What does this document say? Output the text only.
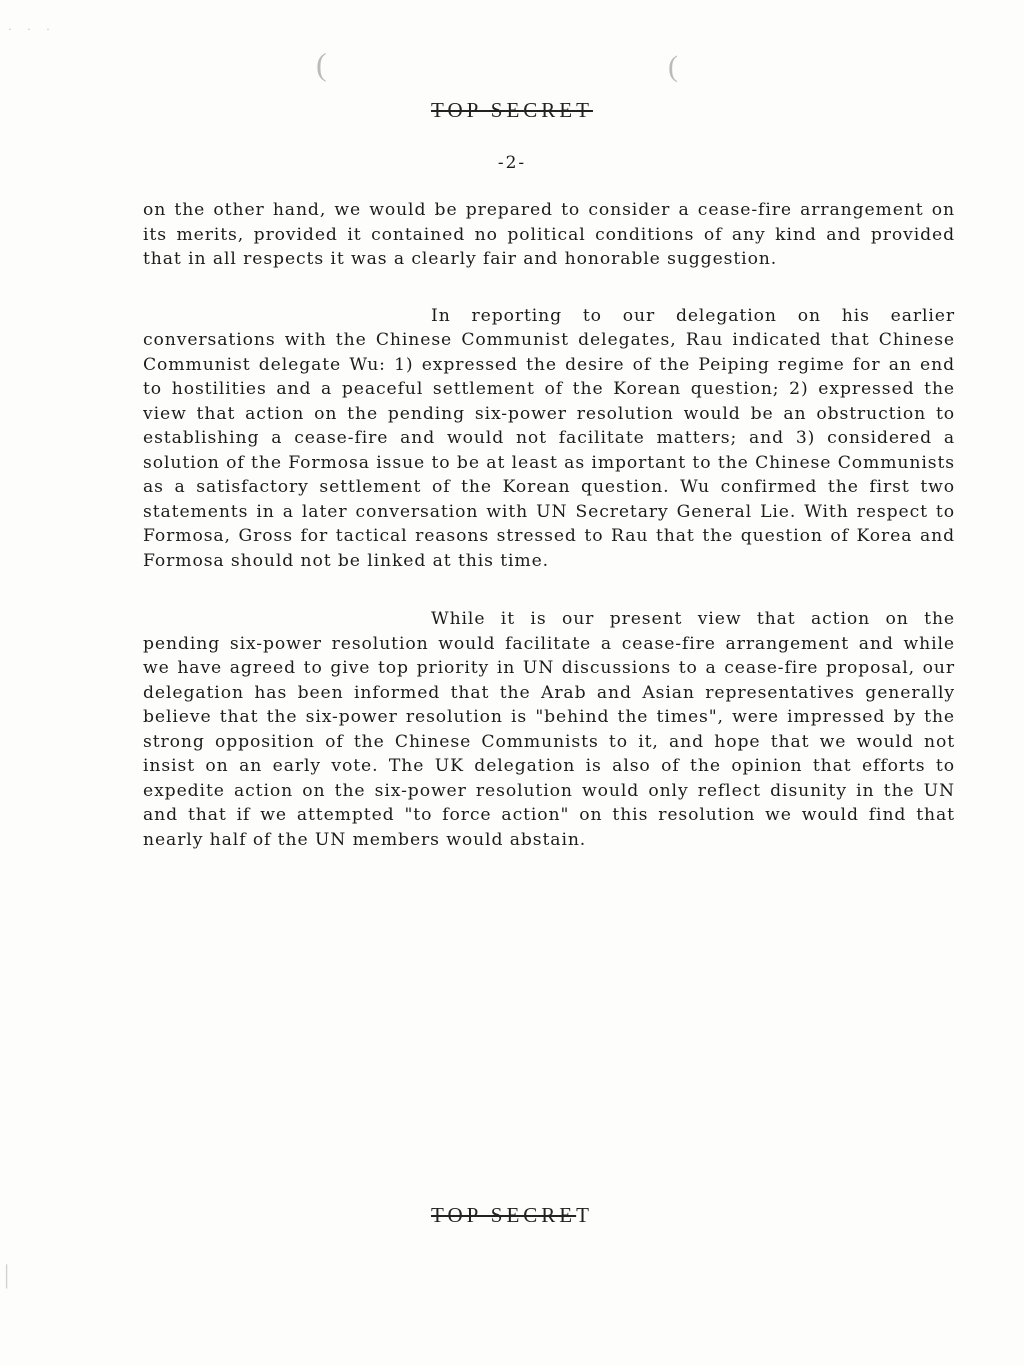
(	(
· · ·
|
TOP SECRET
-2-

on the other hand, we would be prepared to consider a cease-fire arrangement on its merits, provided it contained no political conditions of any kind and provided that in all respects it was a clearly fair and honorable suggestion.

In reporting to our delegation on his earlier conversations with the Chinese Communist delegates, Rau indicated that Chinese Communist delegate Wu: 1) expressed the desire of the Peiping regime for an end to hostilities and a peaceful settlement of the Korean question; 2) expressed the view that action on the pending six-power resolution would be an obstruction to establishing a cease-fire and would not facilitate matters; and 3) considered a solution of the Formosa issue to be at least as important to the Chinese Communists as a satisfactory settlement of the Korean question. Wu confirmed the first two statements in a later conversation with UN Secretary General Lie. With respect to Formosa, Gross for tactical reasons stressed to Rau that the question of Korea and Formosa should not be linked at this time.

While it is our present view that action on the pending six-power resolution would facilitate a cease-fire arrangement and while we have agreed to give top priority in UN discussions to a cease-fire proposal, our delegation has been informed that the Arab and Asian representatives generally believe that the six-power resolution is "behind the times", were impressed by the strong opposition of the Chinese Communists to it, and hope that we would not insist on an early vote. The UK delegation is also of the opinion that efforts to expedite action on the six-power resolution would only reflect disunity in the UN and that if we attempted "to force action" on this resolution we would find that nearly half of the UN members would abstain.

TOP SECRET
